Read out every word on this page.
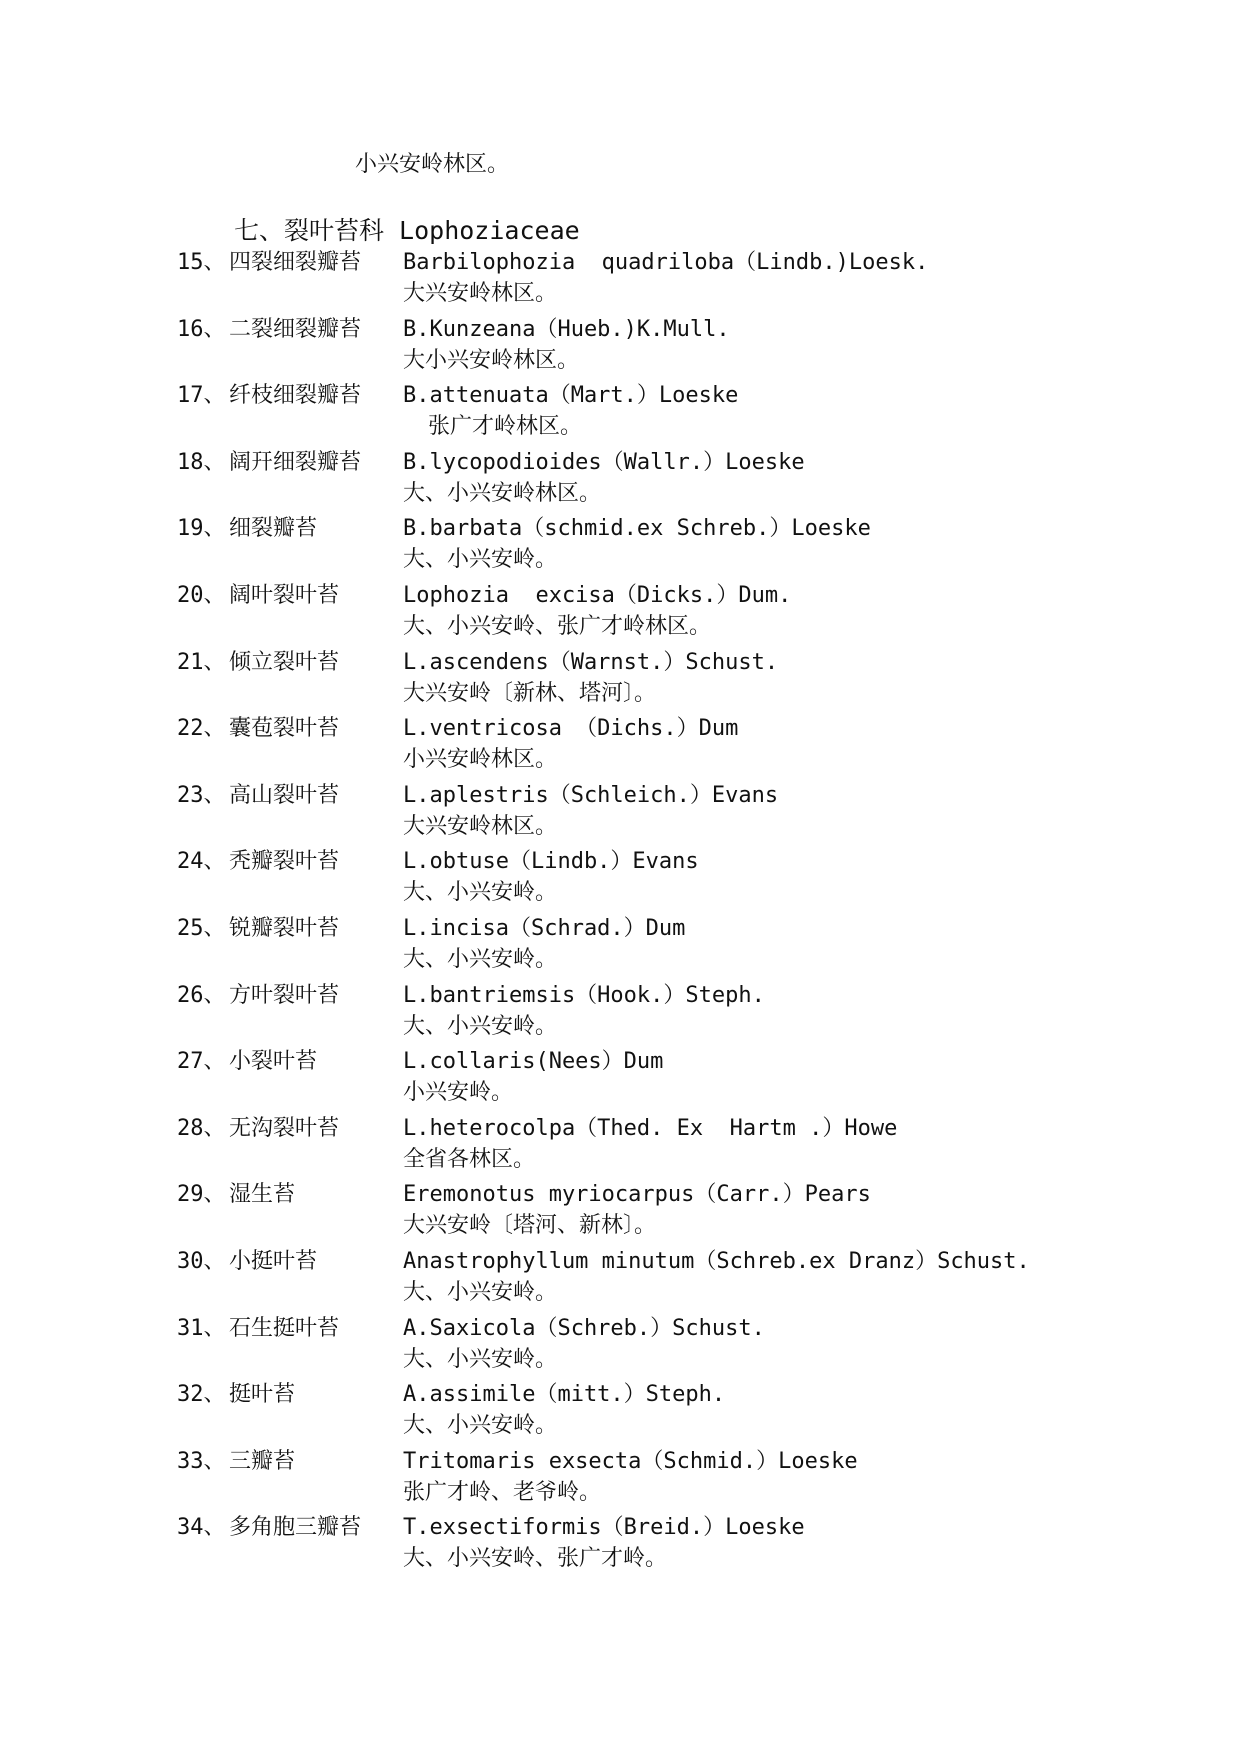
小兴安岭林区。
七、裂叶苔科 Lophoziaceae
15、 四裂细裂瓣苔 Barbilophozia  quadriloba（Lindb.)Loesk.
大兴安岭林区。
16、 二裂细裂瓣苔 B.Kunzeana（Hueb.)K.Mull.
大小兴安岭林区。
17、 纤枝细裂瓣苔 B.attenuata（Mart.）Loeske
张广才岭林区。
18、 阔幵细裂瓣苔 B.lycopodioides（Wallr.）Loeske
大、小兴安岭林区。
19、 细裂瓣苔	B.barbata（schmid.ex Schreb.）Loeske
大、小兴安岭。
20、 阔叶裂叶苔	Lophozia  excisa（Dicks.）Dum.
大、小兴安岭、张广才岭林区。
21、 倾立裂叶苔	L.ascendens（Warnst.）Schust.
大兴安岭〔新林、塔河〕。
22、 囊苞裂叶苔	L.ventricosa （Dichs.）Dum
小兴安岭林区。
23、 高山裂叶苔	L.aplestris（Schleich.）Evans
大兴安岭林区。
24、 秃瓣裂叶苔	L.obtuse（Lindb.）Evans
大、小兴安岭。
25、 锐瓣裂叶苔	L.incisa（Schrad.）Dum
大、小兴安岭。
26、 方叶裂叶苔	L.bantriemsis（Hook.）Steph.
大、小兴安岭。
27、 小裂叶苔	L.collaris(Nees）Dum
小兴安岭。
28、 无沟裂叶苔	L.heterocolpa（Thed. Ex  Hartm .）Howe
全省各林区。
29、 湿生苔	Eremonotus myriocarpus（Carr.）Pears
大兴安岭〔塔河、新林〕。
30、 小挺叶苔	Anastrophyllum minutum（Schreb.ex Dranz）Schust.
大、小兴安岭。
31、 石生挺叶苔	A.Saxicola（Schreb.）Schust.
大、小兴安岭。
32、 挺叶苔	A.assimile（mitt.）Steph.
大、小兴安岭。
33、 三瓣苔	Tritomaris exsecta（Schmid.）Loeske
张广才岭、老爷岭。
34、 多角胞三瓣苔 T.exsectiformis（Breid.）Loeske
大、小兴安岭、张广才岭。
